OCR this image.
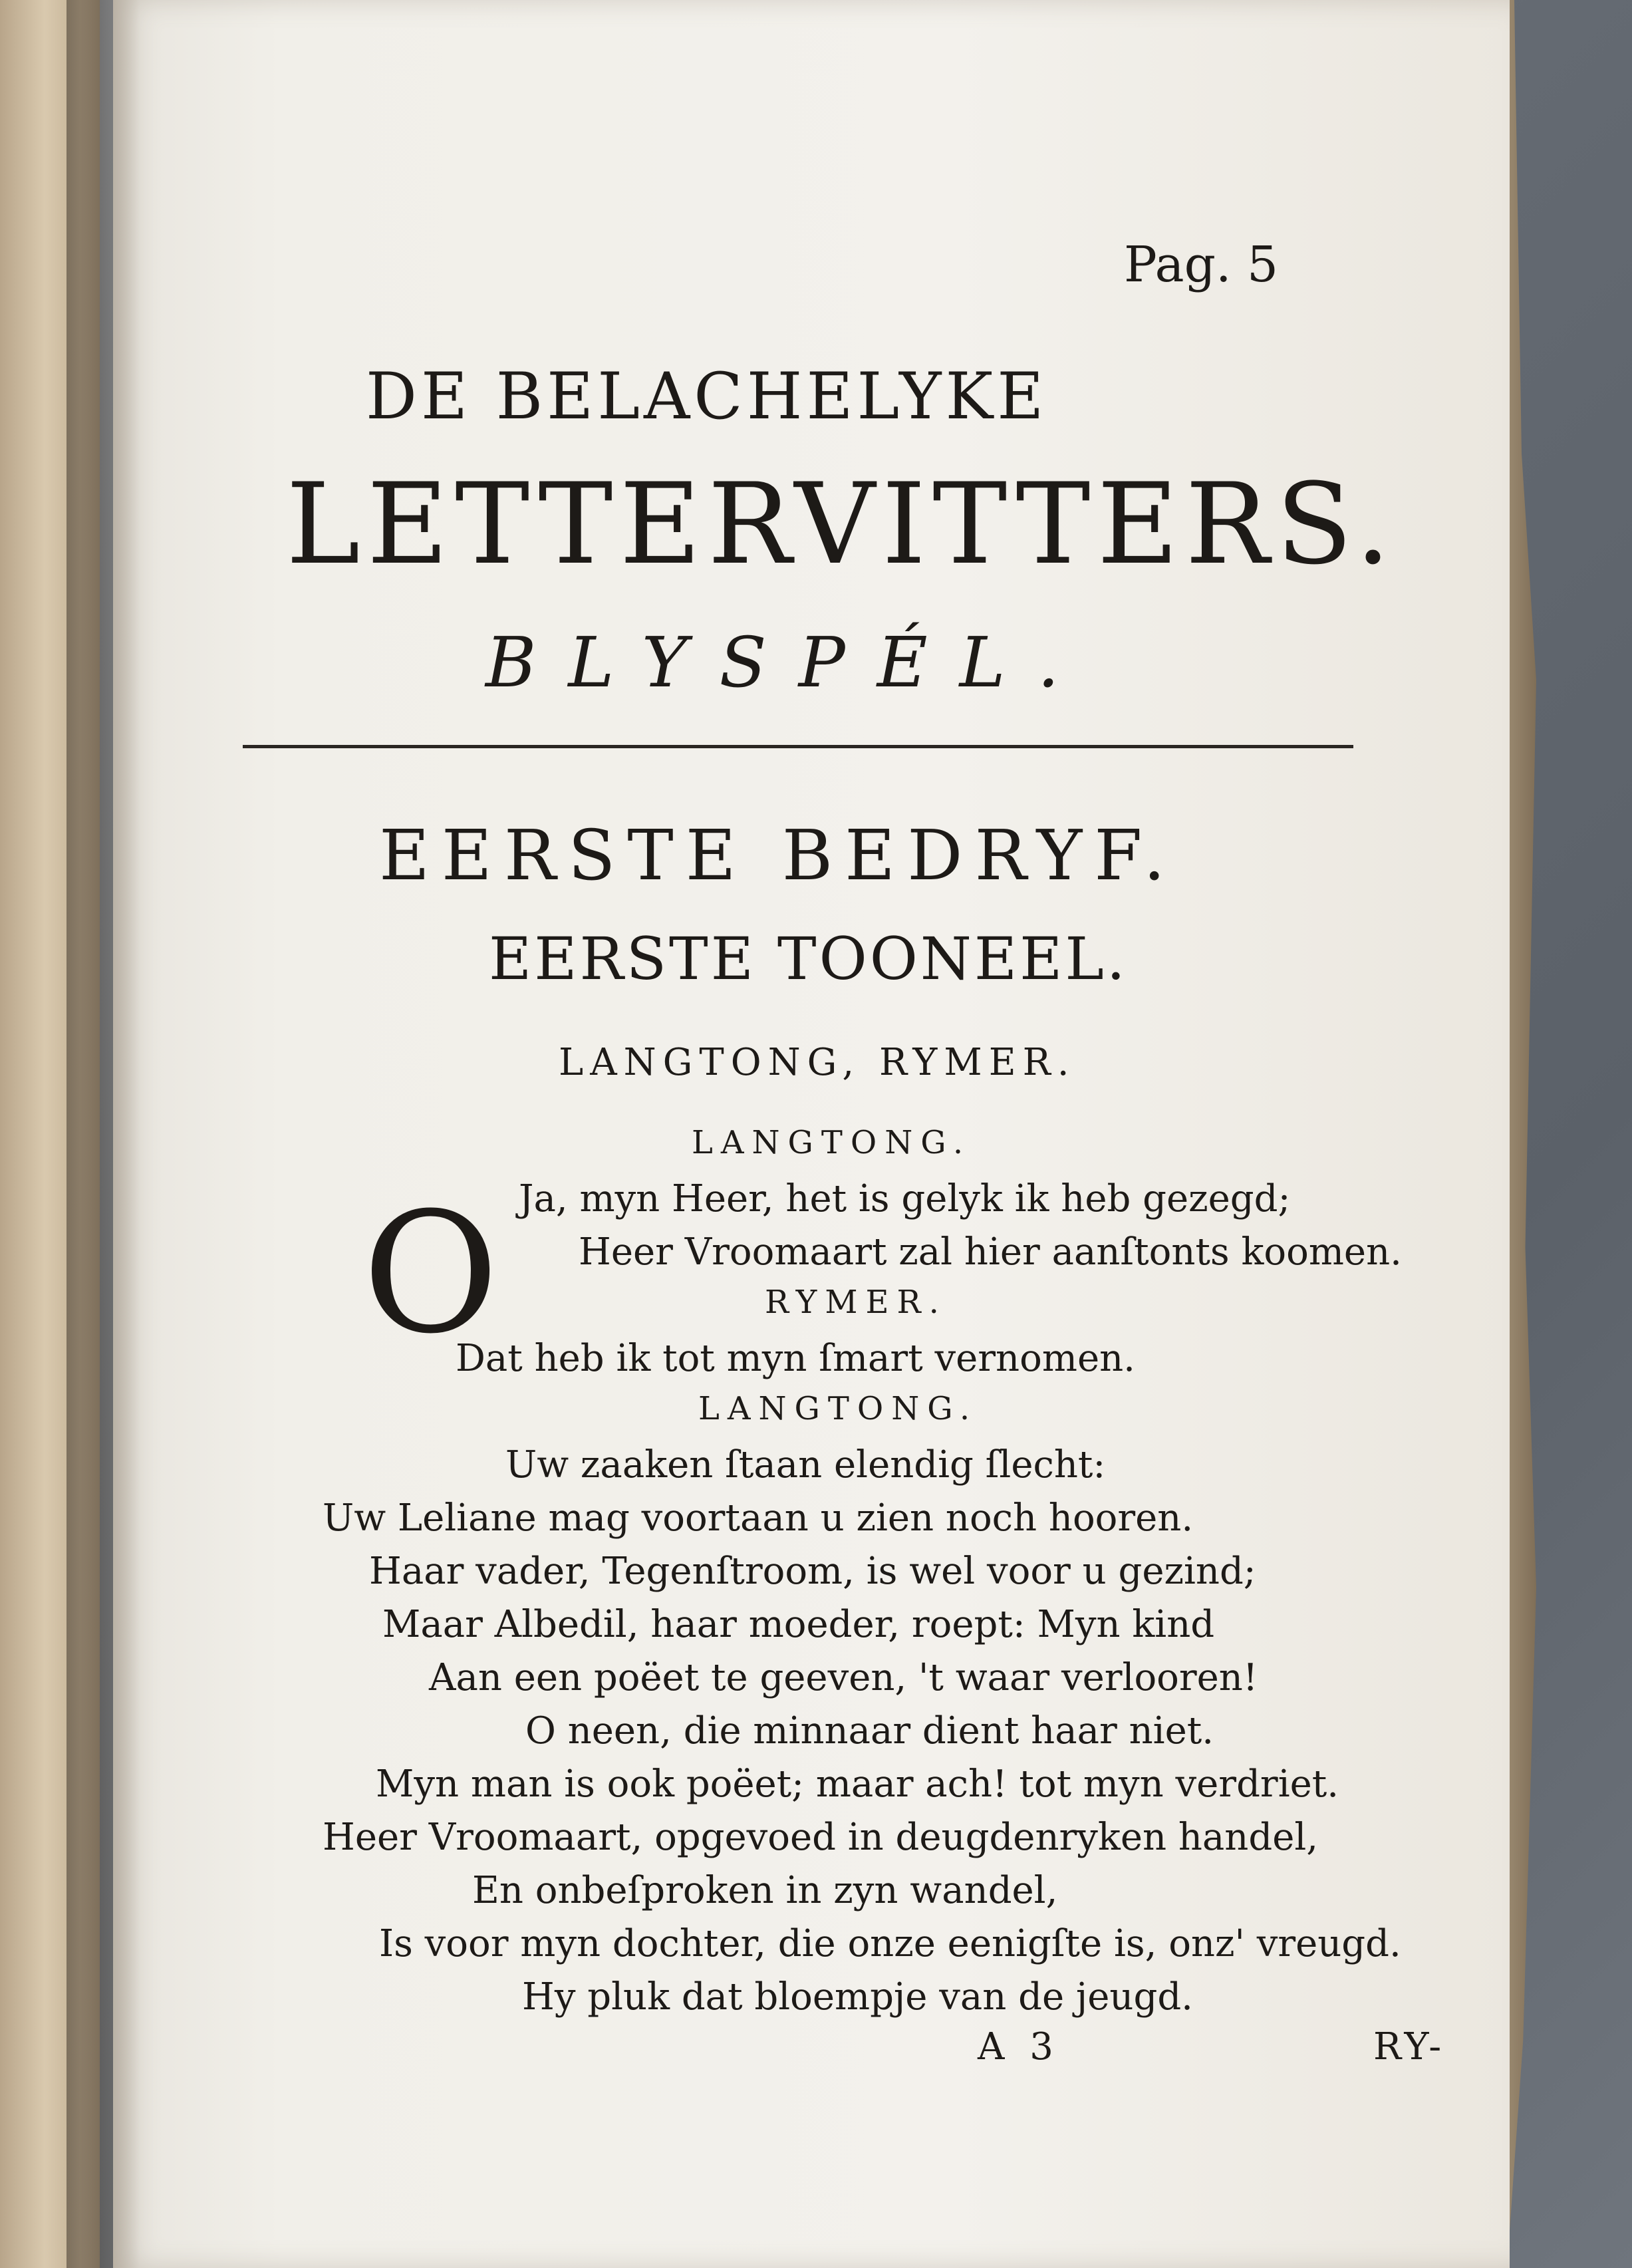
Pag. 5

DE BELACHELYKE

LETTERVITTERS.

BLYSPÉL.

EERSTE BEDRYF.

EERSTE TOONEEL.

LANGTONG, RYMER.

LANGTONG.

O Ja, myn Heer, het is gelyk ik heb gezegd;

Heer Vroomaart zal hier aanſtonts koomen.

RYMER.

Dat heb ik tot myn ſmart vernomen.

LANGTONG.

Uw zaaken ſtaan elendig ſlecht:

Uw Leliane mag voortaan u zien noch hooren.

Haar vader, Tegenſtroom, is wel voor u gezind;

Maar Albedil, haar moeder, roept: Myn kind

Aan een poëet te geeven, 't waar verlooren!

O neen, die minnaar dient haar niet.

Myn man is ook poëet; maar ach! tot myn verdriet.

Heer Vroomaart, opgevoed in deugdenryken handel,

En onbeſproken in zyn wandel,

Is voor myn dochter, die onze eenigſte is, onz' vreugd.

Hy pluk dat bloempje van de jeugd.

A 3	RY-
